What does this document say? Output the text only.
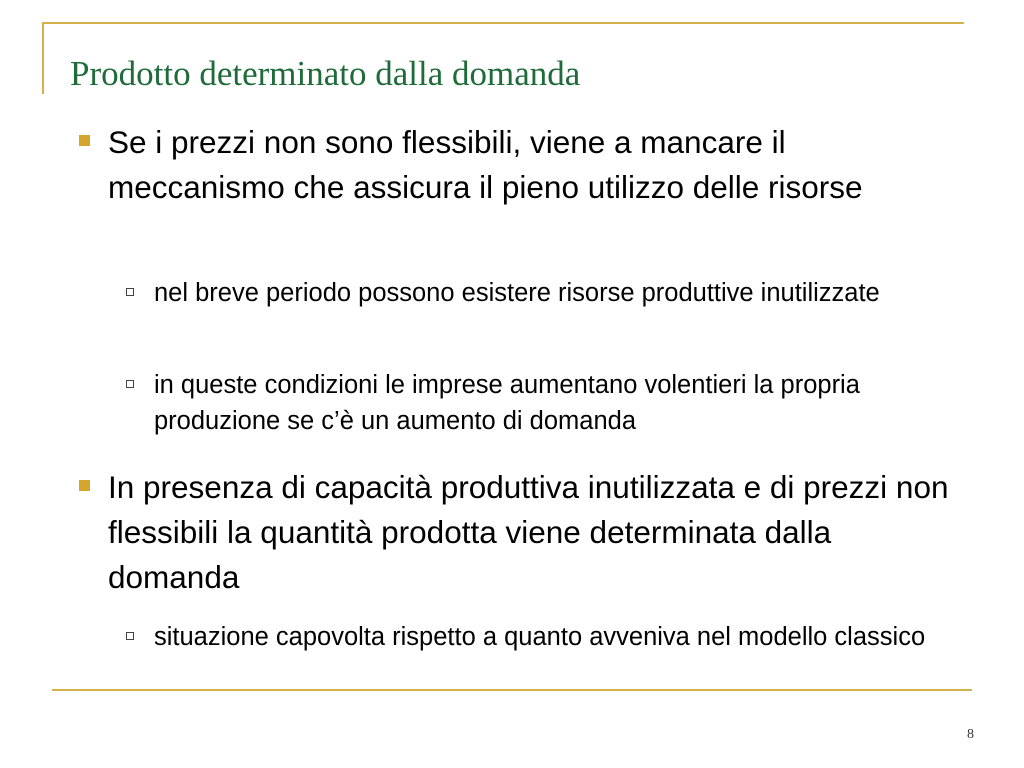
Prodotto determinato dalla domanda
Se i prezzi non sono flessibili, viene a mancare il meccanismo che assicura il pieno utilizzo delle risorse
nel breve periodo possono esistere risorse produttive inutilizzate
in queste condizioni le imprese aumentano volentieri la propria produzione se c’è un aumento di domanda
In presenza di capacità produttiva inutilizzata e di prezzi non flessibili la quantità prodotta viene determinata dalla domanda
situazione capovolta rispetto a quanto avveniva nel modello classico
8
